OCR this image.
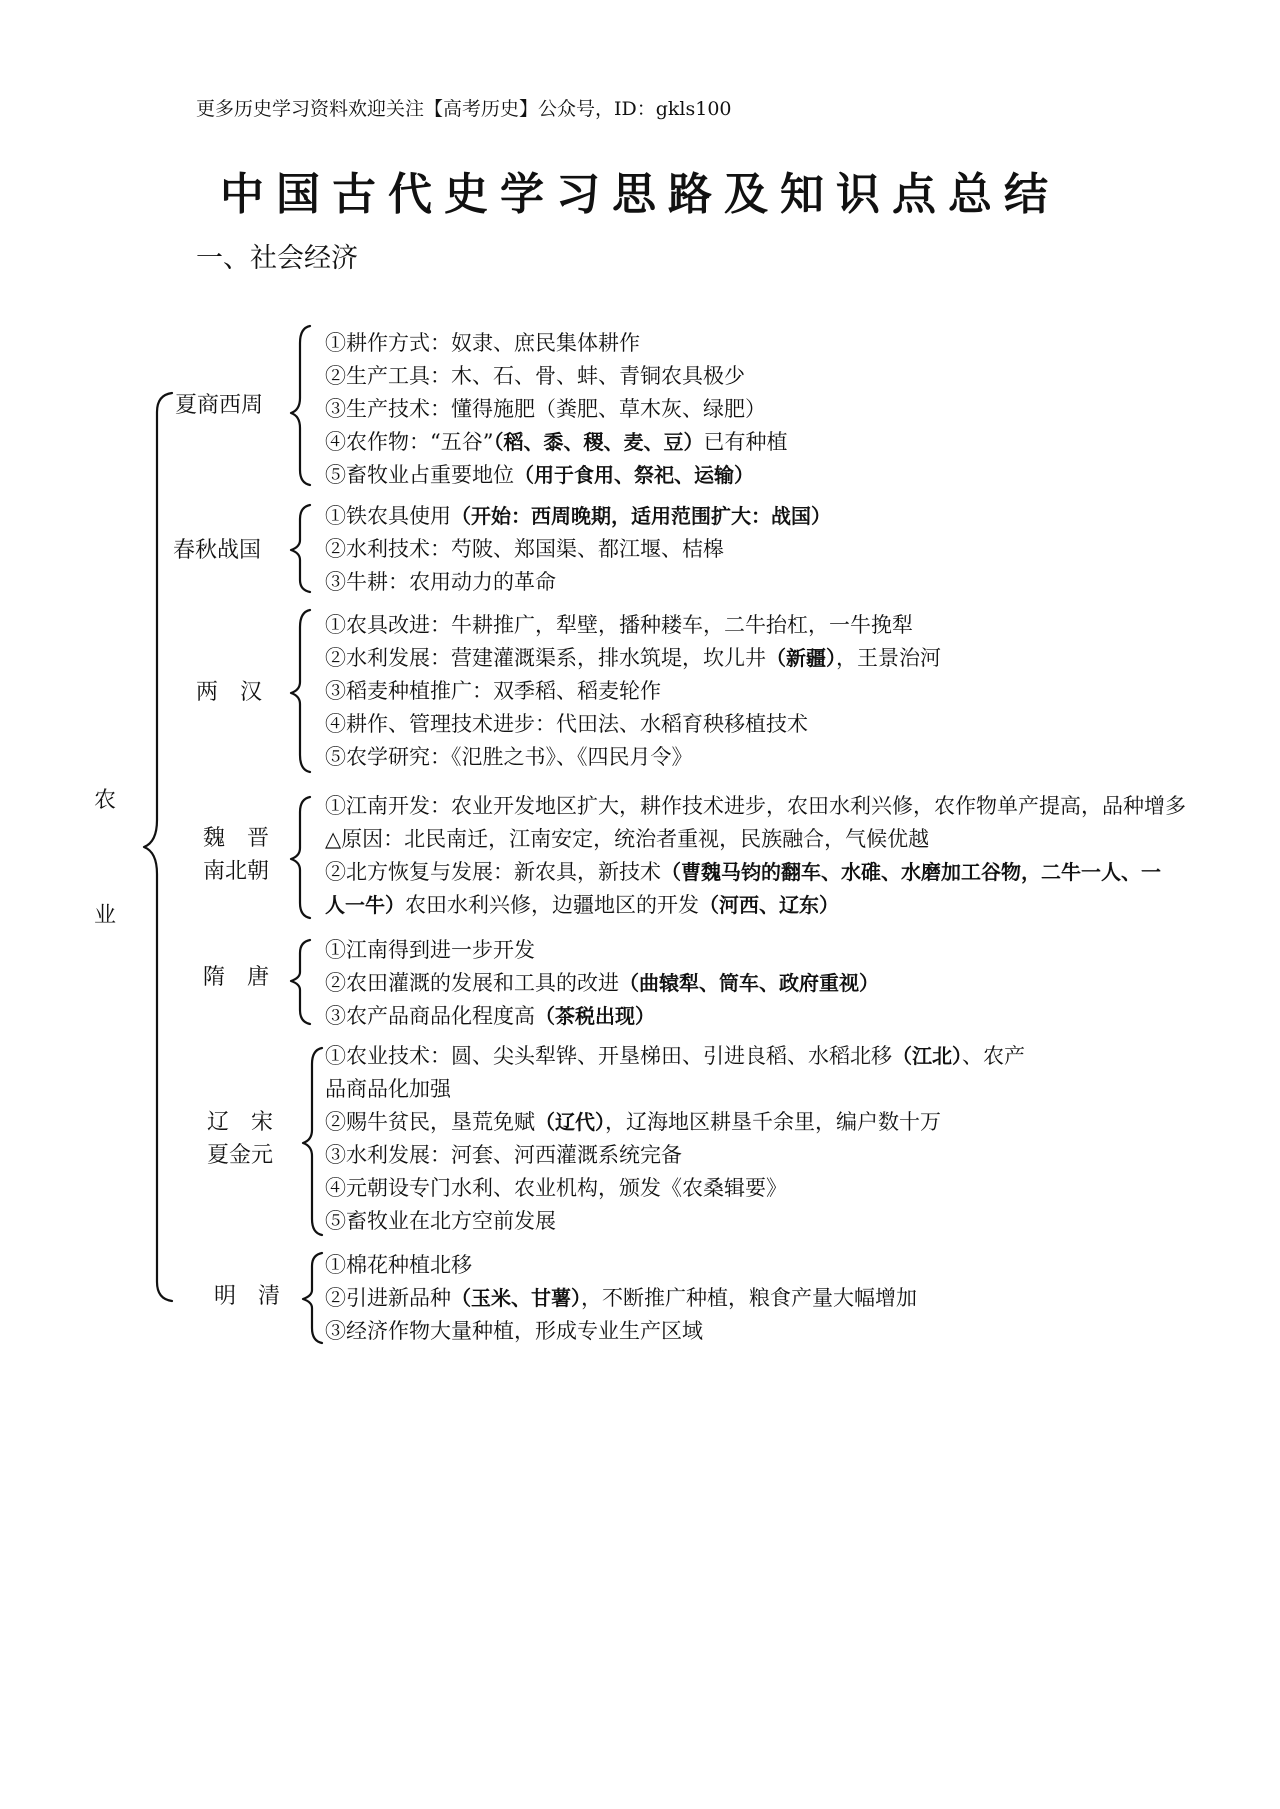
更多历史学习资料欢迎关注【高考历史】公众号，ID：gkls100
中国古代史学习思路及知识点总结
一、社会经济
农
业
夏商西周
春秋战国
两　汉
魏　晋
南北朝
隋　唐
辽　宋
夏金元
明　清
①耕作方式：奴隶、庶民集体耕作
②生产工具：木、石、骨、蚌、青铜农具极少
③生产技术：懂得施肥（粪肥、草木灰、绿肥）
④农作物：“五谷”（稻、黍、稷、麦、豆）已有种植
⑤畜牧业占重要地位（用于食用、祭祀、运输）
①铁农具使用（开始：西周晚期，适用范围扩大：战国）
②水利技术：芍陂、郑国渠、都江堰、桔槔
③牛耕：农用动力的革命
①农具改进：牛耕推广，犁壁，播种耧车，二牛抬杠，一牛挽犁
②水利发展：营建灌溉渠系，排水筑堤，坎儿井（新疆），王景治河
③稻麦种植推广：双季稻、稻麦轮作
④耕作、管理技术进步：代田法、水稻育秧移植技术
⑤农学研究：《氾胜之书》、《四民月令》
①江南开发：农业开发地区扩大，耕作技术进步，农田水利兴修，农作物单产提高，品种增多
△原因：北民南迁，江南安定，统治者重视，民族融合，气候优越
②北方恢复与发展：新农具，新技术（曹魏马钧的翻车、水碓、水磨加工谷物，二牛一人、一
人一牛）农田水利兴修，边疆地区的开发（河西、辽东）
①江南得到进一步开发
②农田灌溉的发展和工具的改进（曲辕犁、筒车、政府重视）
③农产品商品化程度高（茶税出现）
①农业技术：圆、尖头犁铧、开垦梯田、引进良稻、水稻北移（江北）、农产
品商品化加强
②赐牛贫民，垦荒免赋（辽代），辽海地区耕垦千余里，编户数十万
③水利发展：河套、河西灌溉系统完备
④元朝设专门水利、农业机构，颁发《农桑辑要》
⑤畜牧业在北方空前发展
①棉花种植北移
②引进新品种（玉米、甘薯），不断推广种植，粮食产量大幅增加
③经济作物大量种植，形成专业生产区域
